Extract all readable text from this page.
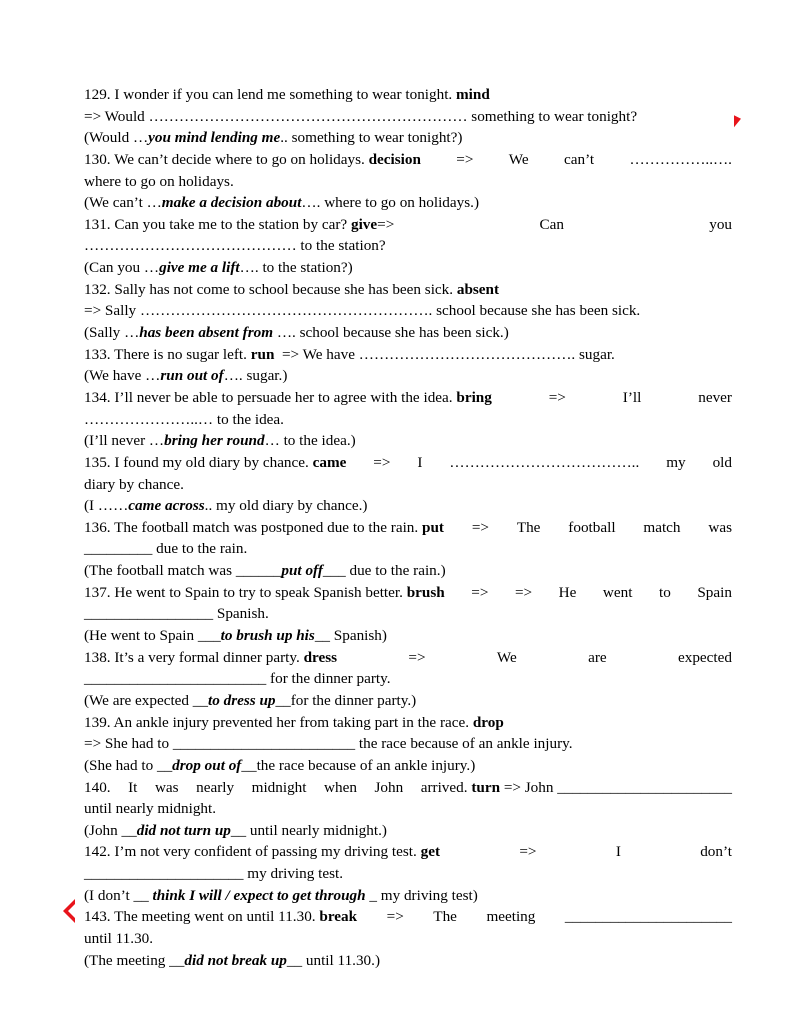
129. I wonder if you can lend me something to wear tonight. mind
=> Would ……………………………………………………… something to wear tonight?
(Would …you mind lending me.. something to wear tonight?)
130. We can’t decide where to go on holidays. decision => We can’t ……………..….
where to go on holidays.
(We can’t …make a decision about…. where to go on holidays.)
131. Can you take me to the station by car? give=>	Can	you
…………………………………… to the station?
(Can you …give me a lift…. to the station?)
132. Sally has not come to school because she has been sick. absent
=> Sally …………………………………………………. school because she has been sick.
(Sally …has been absent from …. school because she has been sick.)
133. There is no sugar left. run  => We have ……………………………………. sugar.
(We have …run out of…. sugar.)
134. I’ll never be able to persuade her to agree with the idea. bring	=>	I’ll	never
…………………..… to the idea.
(I’ll never …bring her round… to the idea.)
135. I found my old diary by chance. came => I ……………………………….. my old
diary by chance.
(I ……came across.. my old diary by chance.)
136. The football match was postponed due to the rain. put => The football match was
_________ due to the rain.
(The football match was ______put off___ due to the rain.)
137. He went to Spain to try to speak Spanish better. brush => => He went to Spain
_________________ Spanish.
(He went to Spain ___to brush up his__ Spanish)
138. It’s a very formal dinner party. dress	=>	We	are	expected
________________________ for the dinner party.
(We are expected __to dress up__for the dinner party.)
139. An ankle injury prevented her from taking part in the race. drop
=> She had to ________________________ the race because of an ankle injury.
(She had to __drop out of__the race because of an ankle injury.)
140. It was nearly midnight when John arrived. turn => John _______________________
until nearly midnight.
(John __did not turn up__ until nearly midnight.)
142. I’m not very confident of passing my driving test. get	=>	I	don’t
_____________________ my driving test.
(I don’t __ think I will / expect to get through _ my driving test)
143. The meeting went on until 11.30. break => The meeting ______________________
until 11.30.
(The meeting __did not break up__ until 11.30.)
